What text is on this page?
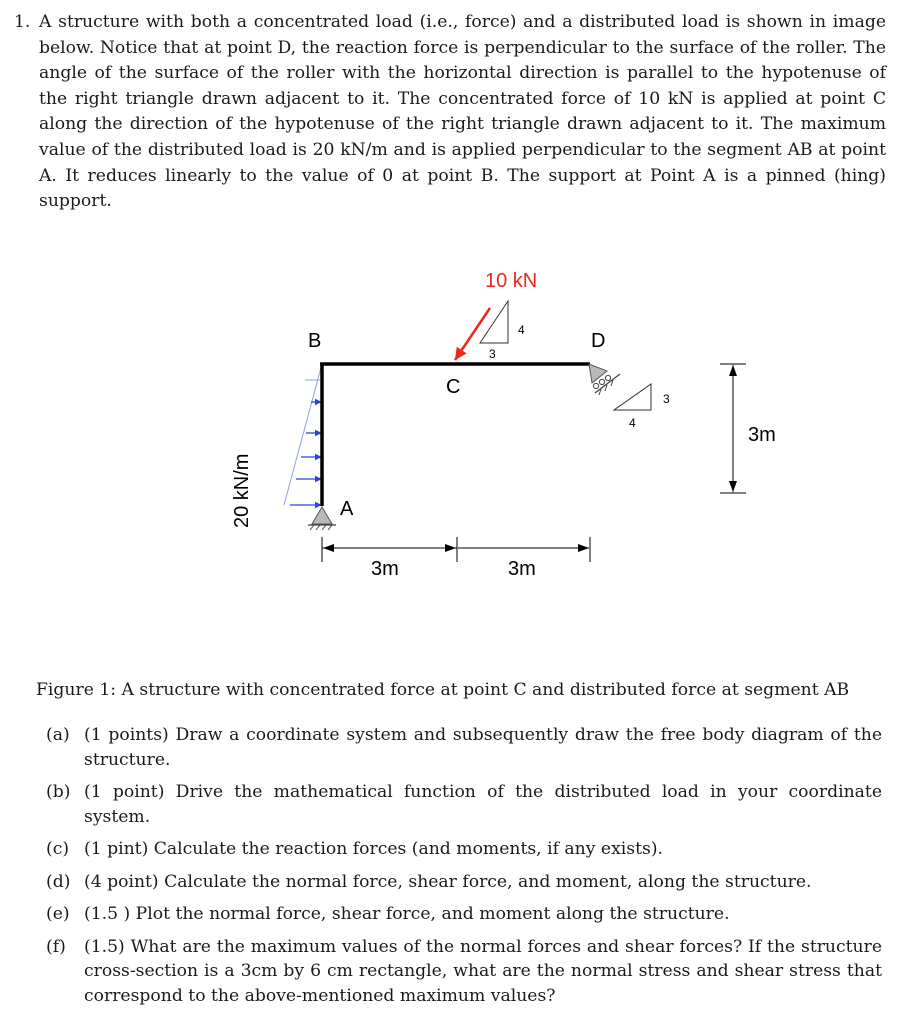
1. A structure with both a concentrated load (i.e., force) and a distributed load is shown in image below. Notice that at point D, the reaction force is perpendicular to the surface of the roller. The angle of the surface of the roller with the horizontal direction is parallel to the hypotenuse of the right triangle drawn adjacent to it. The concentrated force of 10 kN is applied at point C along the direction of the hypotenuse of the right triangle drawn adjacent to it. The maximum value of the distributed load is 20 kN/m and is applied perpendicular to the segment AB at point A. It reduces linearly to the value of 0 at point B. The support at Point A is a pinned (hing) support.
4
3
3
4
10 kN
B
C
D
A
20 kN/m
3m	3m
3m
Figure 1: A structure with concentrated force at point C and distributed force at segment AB
(a) (1 points) Draw a coordinate system and subsequently draw the free body diagram of the structure.
(b) (1 point) Drive the mathematical function of the distributed load in your coordinate system.
(c) (1 pint) Calculate the reaction forces (and moments, if any exists).
(d) (4 point) Calculate the normal force, shear force, and moment, along the structure.
(e) (1.5 ) Plot the normal force, shear force, and moment along the structure.
(f)	(1.5) What are the maximum values of the normal forces and shear forces? If the structure cross-section is a 3cm by 6 cm rectangle, what are the normal stress and shear stress that correspond to the above-mentioned maximum values?
